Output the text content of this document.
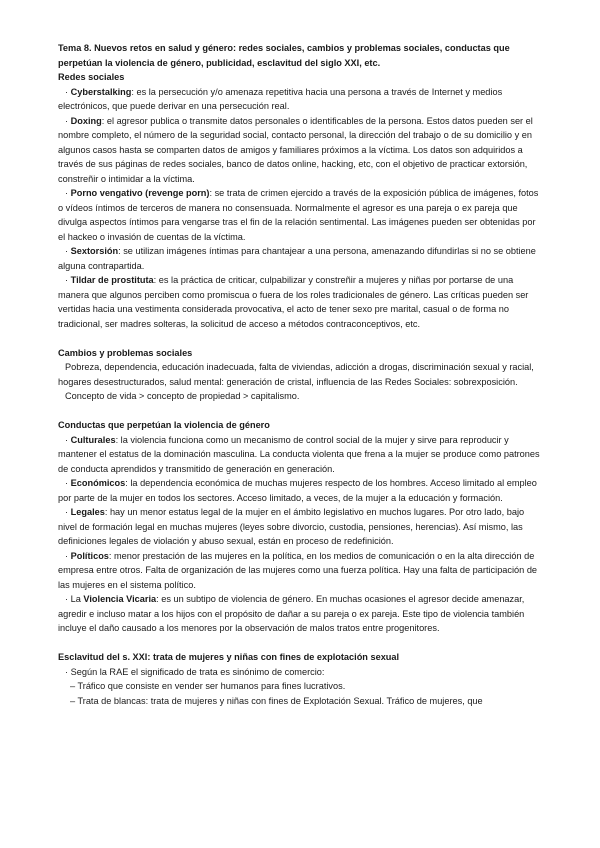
Tema 8. Nuevos retos en salud y género: redes sociales, cambios y problemas sociales, conductas que perpetúan la violencia de género, publicidad, esclavitud del siglo XXI, etc.

Redes sociales

· Cyberstalking: es la persecución y/o amenaza repetitiva hacia una persona a través de Internet y medios electrónicos, que puede derivar en una persecución real.

· Doxing: el agresor publica o transmite datos personales o identificables de la persona. Estos datos pueden ser el nombre completo, el número de la seguridad social, contacto personal, la dirección del trabajo o de su domicilio y en algunos casos hasta se comparten datos de amigos y familiares próximos a la víctima. Los datos son adquiridos a través de sus páginas de redes sociales, banco de datos online, hacking, etc, con el objetivo de practicar extorsión, constreñir o intimidar a la víctima.

· Porno vengativo (revenge porn): se trata de crimen ejercido a través de la exposición pública de imágenes, fotos o vídeos íntimos de terceros de manera no consensuada. Normalmente el agresor es una pareja o ex pareja que divulga aspectos íntimos para vengarse tras el fin de la relación sentimental. Las imágenes pueden ser obtenidas por el hackeo o invasión de cuentas de la víctima.

· Sextorsión: se utilizan imágenes íntimas para chantajear a una persona, amenazando difundirlas si no se obtiene alguna contrapartida.

· Tildar de prostituta: es la práctica de criticar, culpabilizar y constreñir a mujeres y niñas por portarse de una manera que algunos perciben como promiscua o fuera de los roles tradicionales de género. Las críticas pueden ser vertidas hacia una vestimenta considerada provocativa, el acto de tener sexo pre marital, casual o de forma no tradicional, ser madres solteras, la solicitud de acceso a métodos contraconceptivos, etc.

Cambios y problemas sociales

Pobreza, dependencia, educación inadecuada, falta de viviendas, adicción a drogas, discriminación sexual y racial, hogares desestructurados, salud mental: generación de cristal, influencia de las Redes Sociales: sobrexposición.

Concepto de vida > concepto de propiedad > capitalismo.

Conductas que perpetúan la violencia de género

· Culturales: la violencia funciona como un mecanismo de control social de la mujer y sirve para reproducir y mantener el estatus de la dominación masculina. La conducta violenta que frena a la mujer se produce como patrones de conducta aprendidos y transmitido de generación en generación.

· Económicos: la dependencia económica de muchas mujeres respecto de los hombres. Acceso limitado al empleo por parte de la mujer en todos los sectores. Acceso limitado, a veces, de la mujer a la educación y formación.

· Legales: hay un menor estatus legal de la mujer en el ámbito legislativo en muchos lugares. Por otro lado, bajo nivel de formación legal en muchas mujeres (leyes sobre divorcio, custodia, pensiones, herencias). Así mismo, las definiciones legales de violación y abuso sexual, están en proceso de redefinición.

· Políticos: menor prestación de las mujeres en la política, en los medios de comunicación o en la alta dirección de empresa entre otros. Falta de organización de las mujeres como una fuerza política. Hay una falta de participación de las mujeres en el sistema político.

· La Violencia Vicaria: es un subtipo de violencia de género. En muchas ocasiones el agresor decide amenazar, agredir e incluso matar a los hijos con el propósito de dañar a su pareja o ex pareja. Este tipo de violencia también incluye el daño causado a los menores por la observación de malos tratos entre progenitores.

Esclavitud del s. XXI: trata de mujeres y niñas con fines de explotación sexual

· Según la RAE el significado de trata es sinónimo de comercio:

– Tráfico que consiste en vender ser humanos para fines lucrativos.

– Trata de blancas: trata de mujeres y niñas con fines de Explotación Sexual. Tráfico de mujeres, que
